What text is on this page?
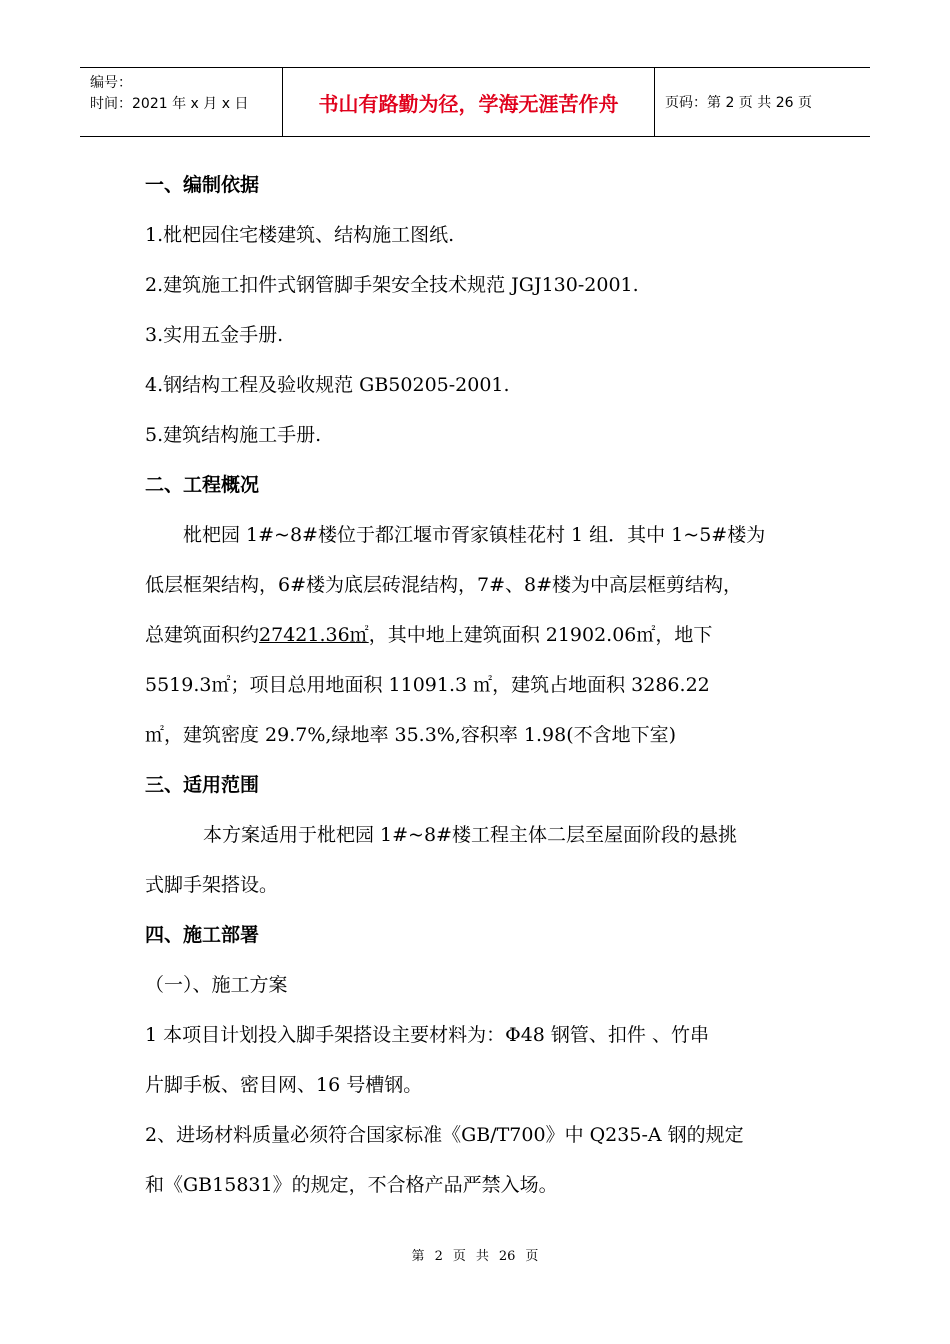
编号：
时间：2021 年 x 月 x 日	书山有路勤为径，学海无涯苦作舟	页码：第 2 页 共 26 页
一、编制依据
1.枇杷园住宅楼建筑、结构施工图纸.
2.建筑施工扣件式钢管脚手架安全技术规范 JGJ130-2001.
3.实用五金手册.
4.钢结构工程及验收规范 GB50205-2001.
5.建筑结构施工手册.
二、工程概况
枇杷园 1#~8#楼位于都江堰市胥家镇桂花村 1 组．其中 1~5#楼为
低层框架结构，6#楼为底层砖混结构，7#、8#楼为中高层框剪结构，
总建筑面积约27421.36㎡，其中地上建筑面积 21902.06㎡，地下
5519.3㎡；项目总用地面积 11091.3 ㎡，建筑占地面积 3286.22
㎡，建筑密度 29.7%,绿地率 35.3%,容积率 1.98(不含地下室)
三、适用范围
本方案适用于枇杷园 1#~8#楼工程主体二层至屋面阶段的悬挑
式脚手架搭设。
四、施工部署
（一）、施工方案
1 本项目计划投入脚手架搭设主要材料为：Φ48 钢管、扣件 、竹串
片脚手板、密目网、16 号槽钢。
2、进场材料质量必须符合国家标准《GB/T700》中 Q235-A 钢的规定
和《GB15831》的规定，不合格产品严禁入场。
第 2 页 共 26 页
